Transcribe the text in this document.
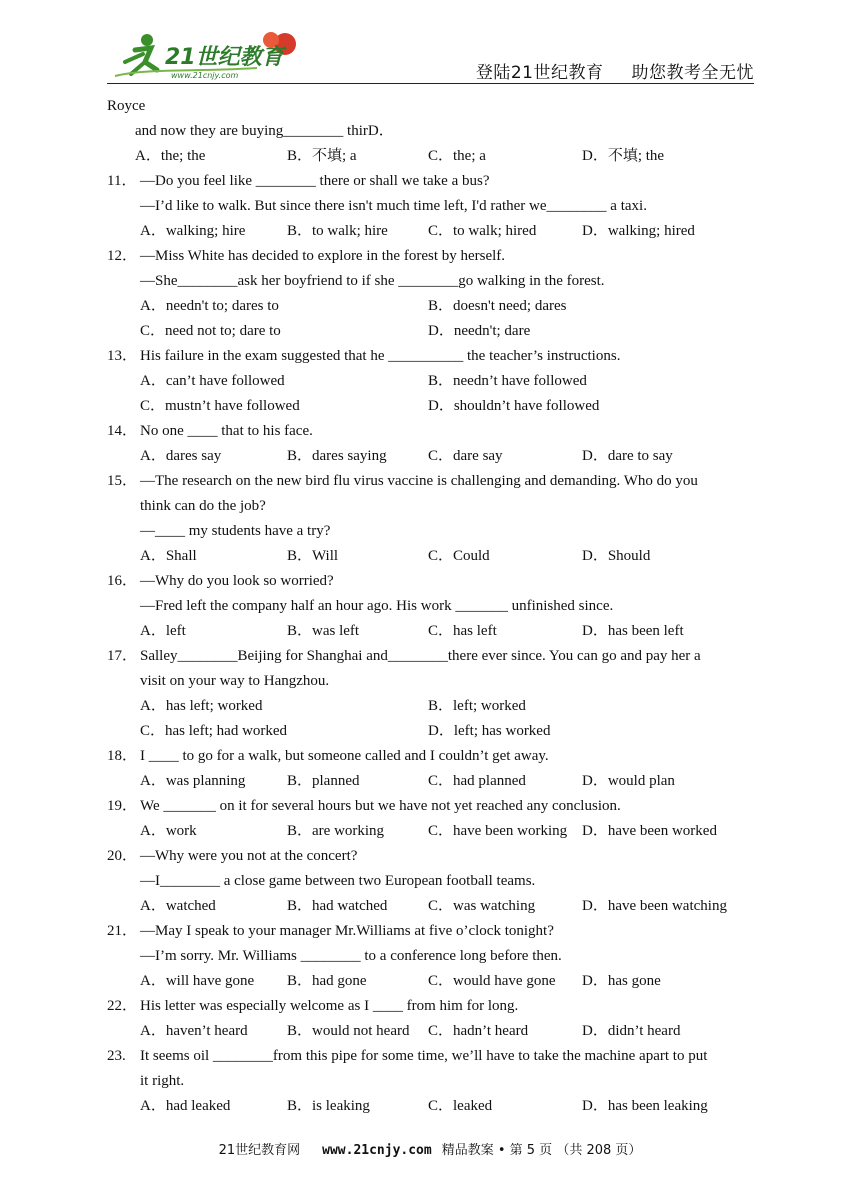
21世纪教育
www.21cnjy.com	登陆21世纪教育 助您教考全无忧
Royce
and now they are buying________ thirD．
A．the; the	B．不填; a	C．the; a	D．不填; the
11． —Do you feel like ________ there or shall we take a bus?
—I’d like to walk. But since there isn't much time left, I'd rather we________ a taxi.
A．walking; hire	B．to walk; hire	C．to walk; hired	D．walking; hired
12． —Miss White has decided to explore in the forest by herself.
—She________ask her boyfriend to if she ________go walking in the forest.
A．needn't to; dares to	B．doesn't need; dares
C．need not to; dare to	D．needn't; dare
13． His failure in the exam suggested that he __________ the teacher’s instructions.
A．can’t have followed	B．needn’t have followed
C．mustn’t have followed	D．shouldn’t have followed
14． No one ____ that to his face.
A．dares say	B．dares saying	C．dare say	D．dare to say
15． —The research on the new bird flu virus vaccine is challenging and demanding. Who do you
think can do the job?
—____ my students have a try?
A．Shall	B．Will	C．Could	D．Should
16． —Why do you look so worried?
—Fred left the company half an hour ago. His work _______ unfinished since.
A．left	B．was left	C．has left	D．has been left
17． Salley________Beijing for Shanghai and________there ever since. You can go and pay her a
visit on your way to Hangzhou.
A．has left; worked	B．left; worked
C．has left; had worked	D．left; has worked
18． I ____ to go for a walk, but someone called and I couldn’t get away.
A．was planning	B．planned	C．had planned	D．would plan
19． We _______ on it for several hours but we have not yet reached any conclusion.
A．work	B．are working	C．have been working D．have been worked
20． —Why were you not at the concert?
—I________ a close game between two European football teams.
A．watched	B．had watched	C．was watching	D．have been watching
21． —May I speak to your manager Mr.Williams at five o’clock tonight?
—I’m sorry. Mr. Williams ________ to a conference long before then.
A．will have gone B．had gone	C．would have gone D．has gone
22． His letter was especially welcome as I ____ from him for long.
A．haven’t heard	B．would not heard C．hadn’t heard	D．didn’t heard
23. It seems oil ________from this pipe for some time, we’ll have to take the machine apart to put
it right.
A．had leaked	B．is leaking	C．leaked	D．has been leaking
21世纪教育网 www.21cnjy.com 精品教案 • 第 5 页 （共 208 页）
